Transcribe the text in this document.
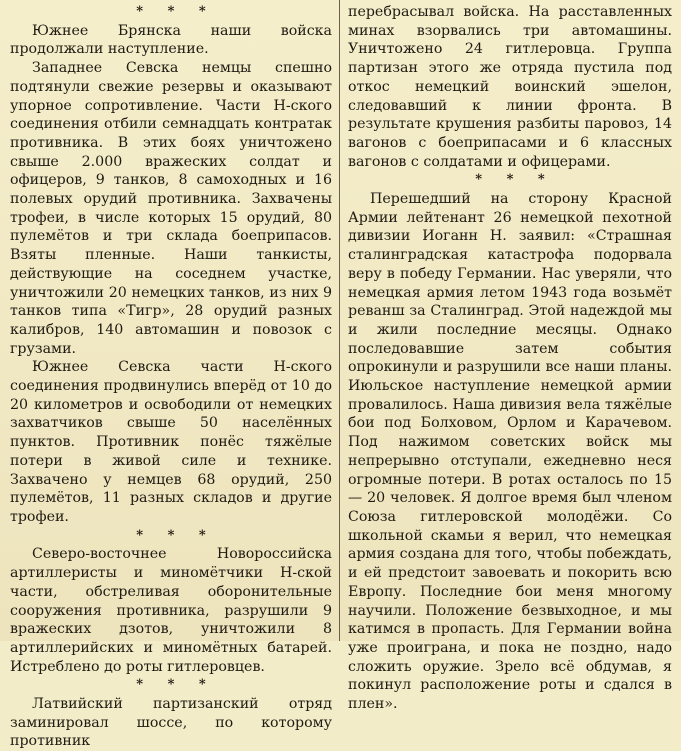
* * *

Южнее Брянска наши войска продолжали наступление.

Западнее Севска немцы спешно подтянули свежие резервы и оказывают упорное сопротивление. Части Н-ского соединения отбили семнадцать контратак противника. В этих боях уничтожено свыше 2.000 вражеских солдат и офицеров, 9 танков, 8 самоходных и 16 полевых орудий противника. Захвачены трофеи, в числе которых 15 орудий, 80 пулемётов и три склада боеприпасов. Взяты пленные. Наши танкисты, действующие на соседнем участке, уничтожили 20 немецких танков, из них 9 танков типа «Тигр», 28 орудий разных калибров, 140 автомашин и повозок с грузами.

Южнее Севска части Н-ского соединения продвинулись вперёд от 10 до 20 километров и освободили от немецких захватчиков свыше 50 населённых пунктов. Противник понёс тяжёлые потери в живой силе и технике. Захвачено у немцев 68 орудий, 250 пулемётов, 11 разных складов и другие трофеи.

* * *

Северо-восточнее Новороссийска артиллеристы и миномётчики Н-ской части, обстреливая оборонительные сооружения противника, разрушили 9 вражеских дзотов, уничтожили 8 артиллерийских и миномётных батарей. Истреблено до роты гитлеровцев.

* * *

Латвийский партизанский отряд заминировал шоссе, по которому противник

перебрасывал войска. На расставленных минах взорвались три автомашины. Уничтожено 24 гитлеровца. Группа партизан этого же отряда пустила под откос немецкий воинский эшелон, следовавший к линии фронта. В результате крушения разбиты паровоз, 14 вагонов с боеприпасами и 6 классных вагонов с солдатами и офицерами.

* * *

Перешедший на сторону Красной Армии лейтенант 26 немецкой пехотной дивизии Иоганн Н. заявил: «Страшная сталинградская катастрофа подорвала веру в победу Германии. Нас уверяли, что немецкая армия летом 1943 года возьмёт реванш за Сталинград. Этой надеждой мы и жили последние месяцы. Однако последовавшие затем события опрокинули и разрушили все наши планы. Июльское наступление немецкой армии провалилось. Наша дивизия вела тяжёлые бои под Болховом, Орлом и Карачевом. Под нажимом советских войск мы непрерывно отступали, ежедневно неся огромные потери. В ротах осталось по 15 — 20 человек. Я долгое время был членом Союза гитлеровской молодёжи. Со школьной скамьи я верил, что немецкая армия создана для того, чтобы побеждать, и ей предстоит завоевать и покорить всю Европу. Последние бои меня многому научили. Положение безвыходное, и мы катимся в пропасть. Для Германии война уже проиграна, и пока не поздно, надо сложить оружие. Зрело всё обдумав, я покинул расположение роты и сдался в плен».
